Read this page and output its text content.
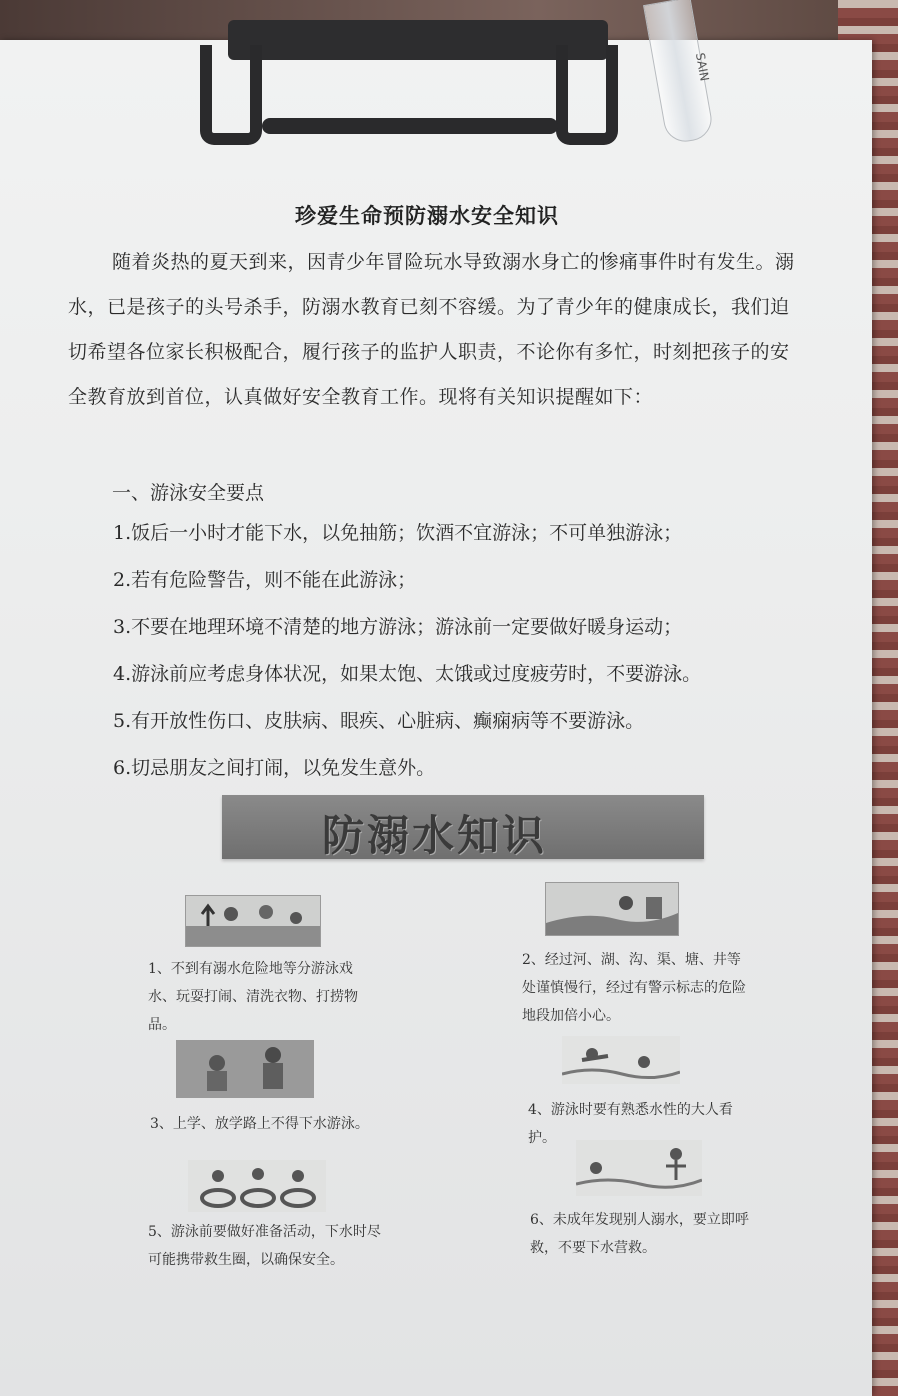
SAIN
珍爱生命预防溺水安全知识
随着炎热的夏天到来，因青少年冒险玩水导致溺水身亡的惨痛事件时有发生。溺水，已是孩子的头号杀手，防溺水教育已刻不容缓。为了青少年的健康成长，我们迫切希望各位家长积极配合，履行孩子的监护人职责，不论你有多忙，时刻把孩子的安全教育放到首位，认真做好安全教育工作。现将有关知识提醒如下：
一、游泳安全要点
1.饭后一小时才能下水，以免抽筋；饮酒不宜游泳；不可单独游泳；
2.若有危险警告，则不能在此游泳；
3.不要在地理环境不清楚的地方游泳；游泳前一定要做好暖身运动；
4.游泳前应考虑身体状况，如果太饱、太饿或过度疲劳时，不要游泳。
5.有开放性伤口、皮肤病、眼疾、心脏病、癫痫病等不要游泳。
6.切忌朋友之间打闹，以免发生意外。
防溺水知识
1、不到有溺水危险地等分游泳戏水、玩耍打闹、清洗衣物、打捞物品。
2、经过河、湖、沟、渠、塘、井等处谨慎慢行，经过有警示标志的危险地段加倍小心。
3、上学、放学路上不得下水游泳。
4、游泳时要有熟悉水性的大人看护。
5、游泳前要做好准备活动，下水时尽可能携带救生圈，以确保安全。
6、未成年发现别人溺水，要立即呼救，不要下水营救。
